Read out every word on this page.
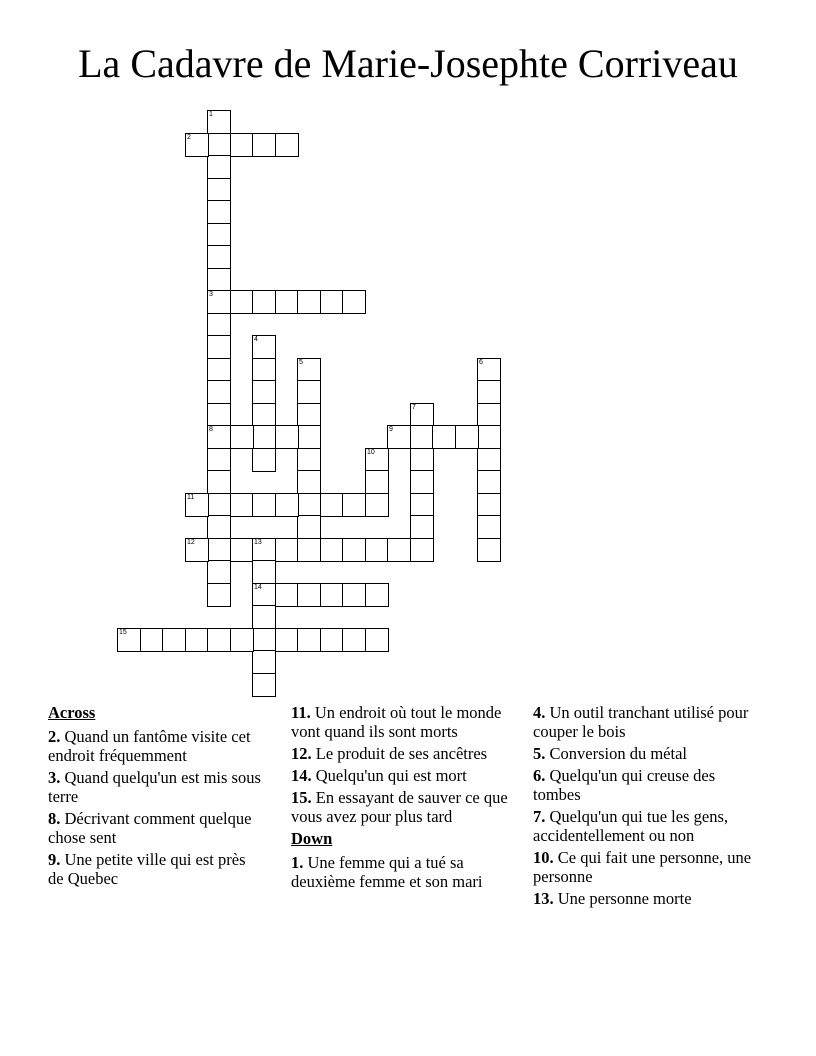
La Cadavre de Marie-Josephte Corriveau
1
3
8
2
4
5	6
7
9
10
11
12	13
14
15
Across
2. Quand un fantôme visite cet endroit fréquemment
3. Quand quelqu'un est mis sous terre
8. Décrivant comment quelque chose sent
9. Une petite ville qui est près de Quebec
11. Un endroit où tout le monde vont quand ils sont morts
12. Le produit de ses ancêtres
14. Quelqu'un qui est mort
15. En essayant de sauver ce que vous avez pour plus tard
Down
1. Une femme qui a tué sa deuxième femme et son mari
4. Un outil tranchant utilisé pour couper le bois
5. Conversion du métal
6. Quelqu'un qui creuse des tombes
7. Quelqu'un qui tue les gens, accidentellement ou non
10. Ce qui fait une personne, une personne
13. Une personne morte
